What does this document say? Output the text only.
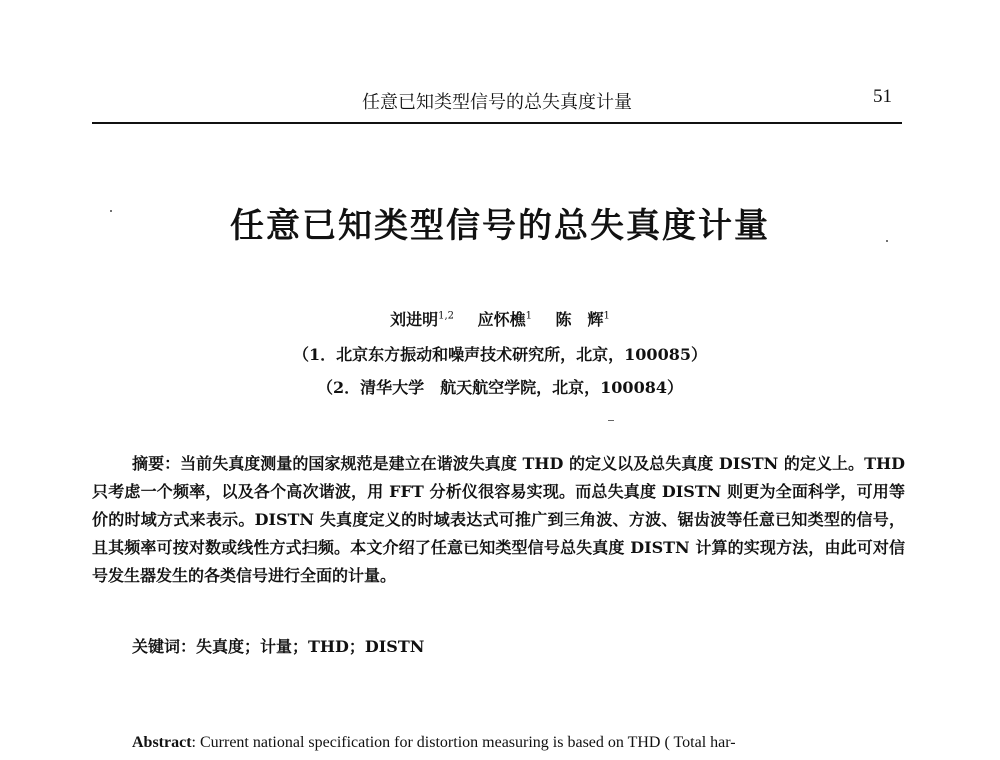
任意已知类型信号的总失真度计量	51
任意已知类型信号的总失真度计量
刘进明$^{1,2}$ 应怀樵$^1$ 陈　辉$^1$
（1．北京东方振动和噪声技术研究所，北京，100085）
（2．清华大学　航天航空学院，北京，100084）
摘要：当前失真度测量的国家规范是建立在谐波失真度 THD 的定义以及总失真度 DISTN 的定义上。THD 只考虑一个频率，以及各个高次谐波，用 FFT 分析仪很容易实现。而总失真度 DISTN 则更为全面科学，可用等价的时域方式来表示。DISTN 失真度定义的时域表达式可推广到三角波、方波、锯齿波等任意已知类型的信号，且其频率可按对数或线性方式扫频。本文介绍了任意已知类型信号总失真度 DISTN 计算的实现方法，由此可对信号发生器发生的各类信号进行全面的计量。
关键词：失真度；计量；THD；DISTN
Abstract: Current national specification for distortion measuring is based on THD ( Total har-
